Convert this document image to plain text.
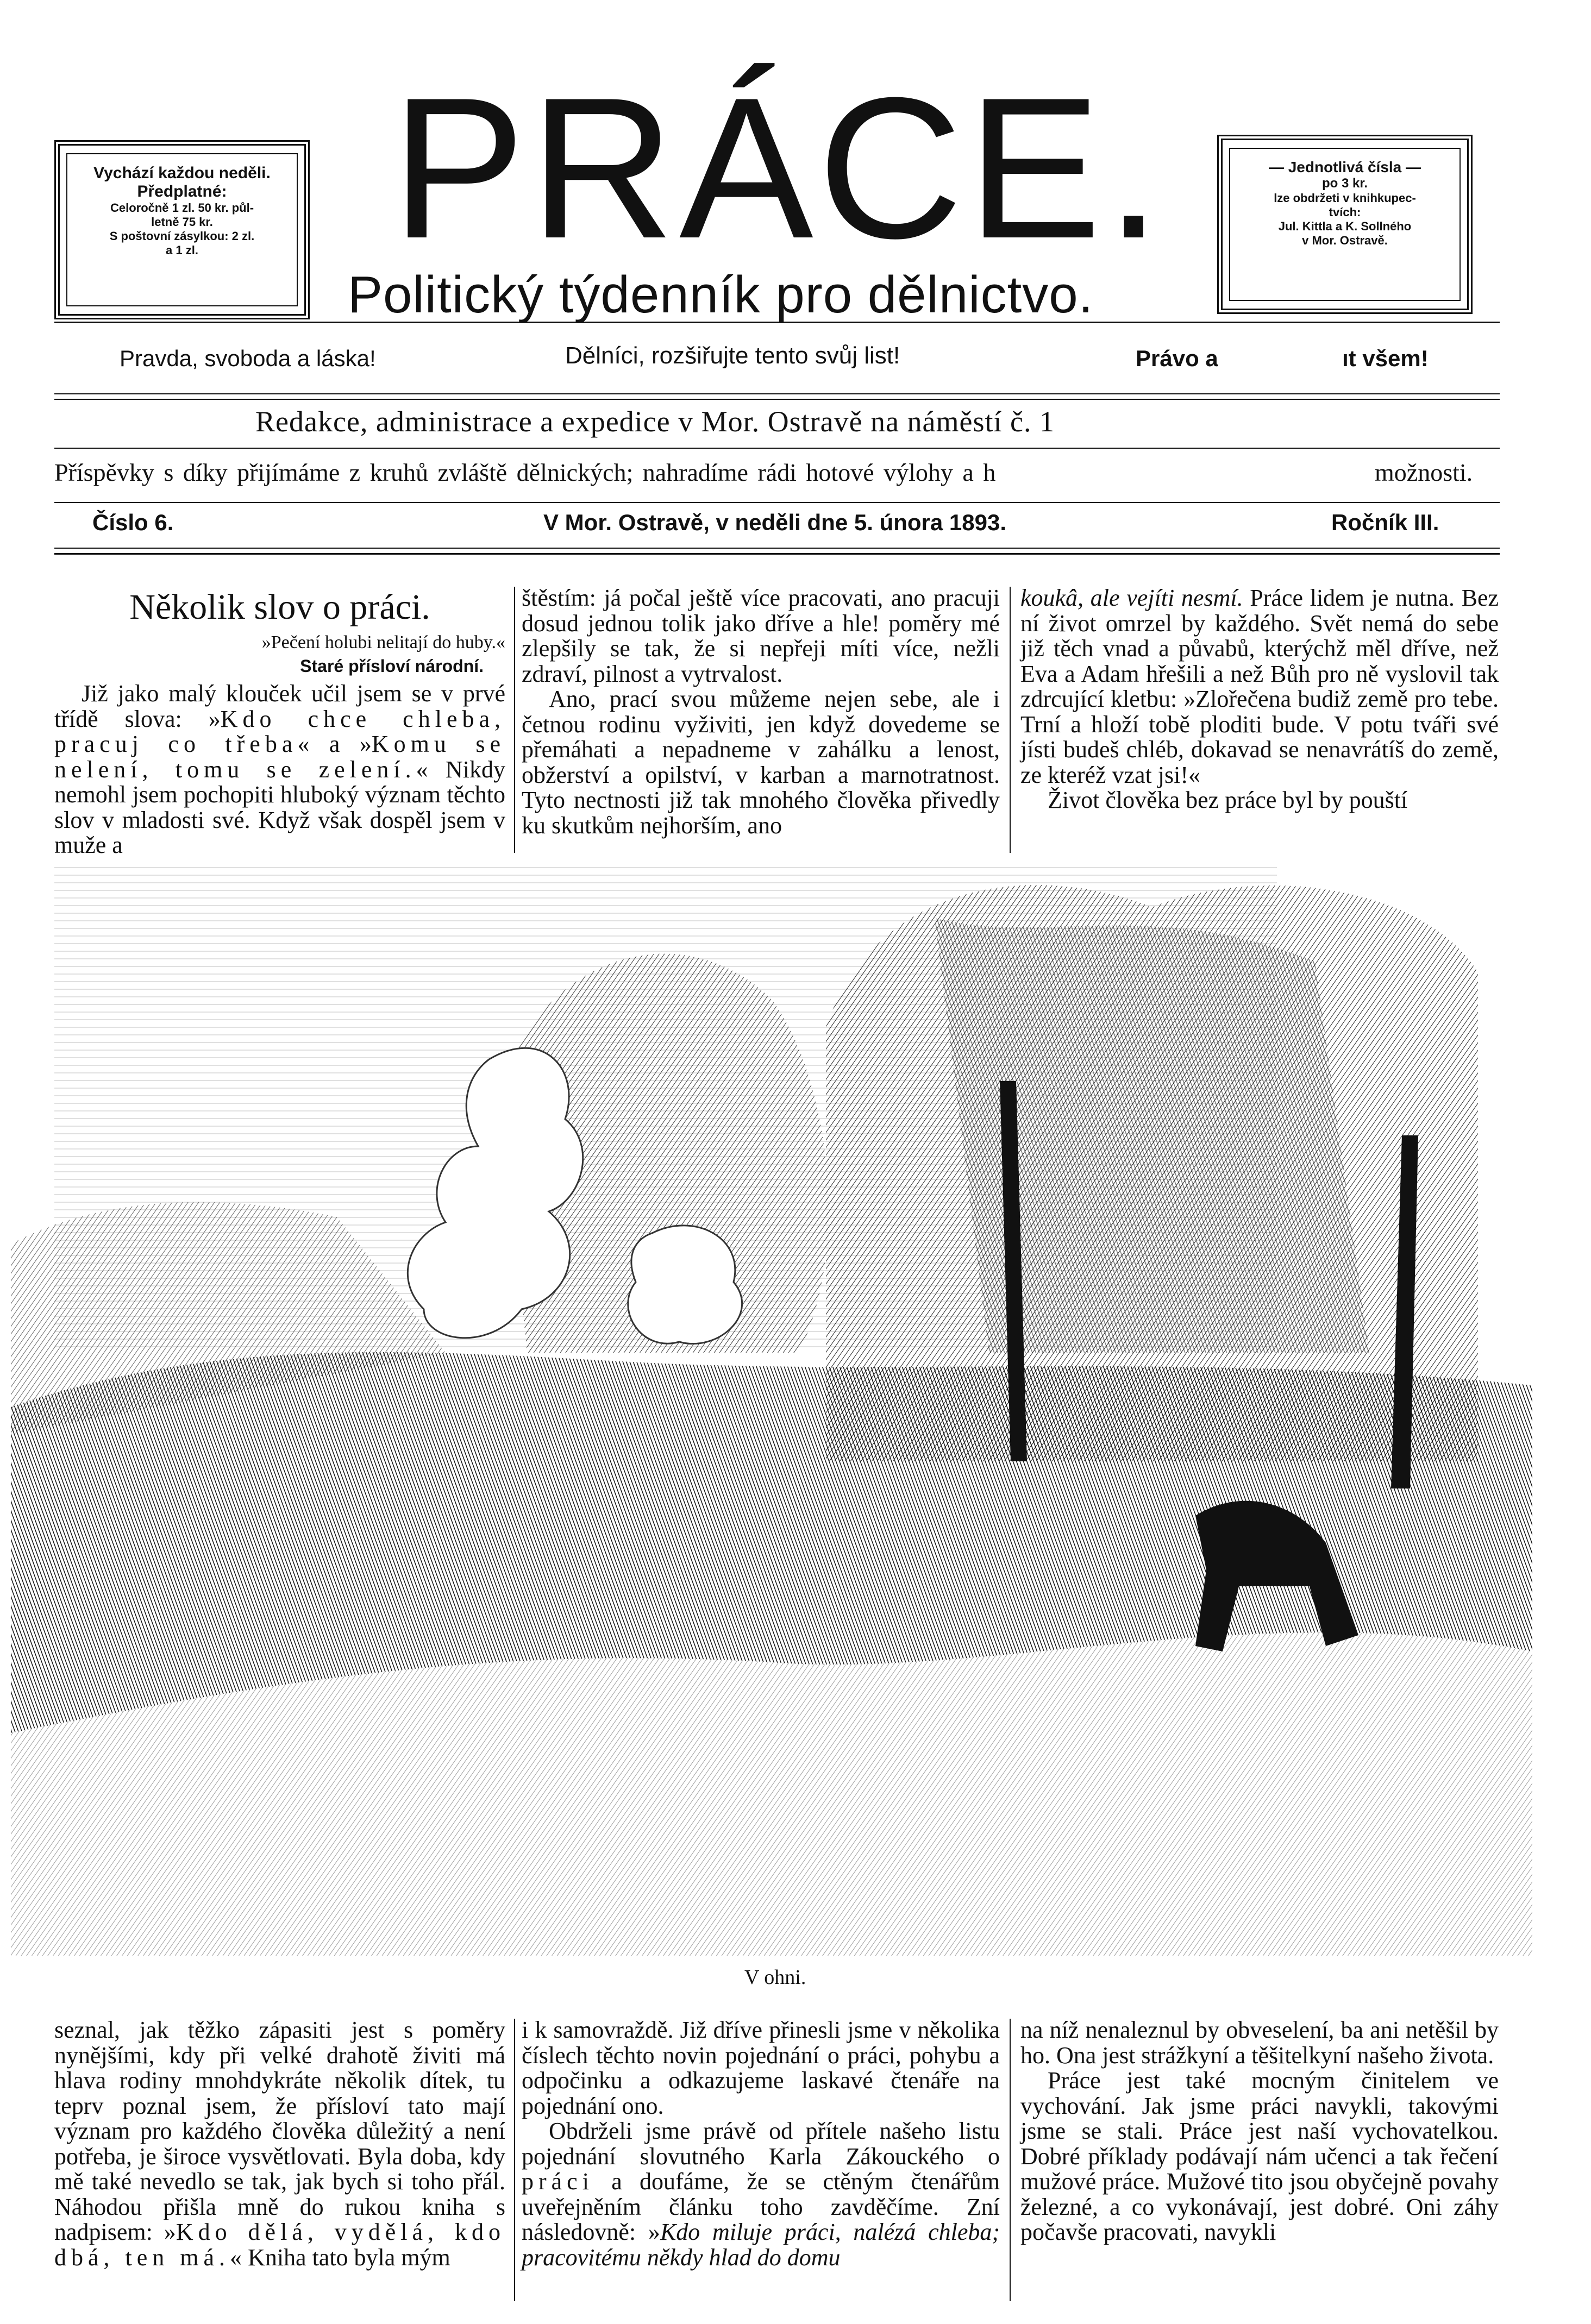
Vychází každou neděli.
Předplatné:
Celoročně 1 zl. 50 kr. půl-
letně 75 kr.
S poštovní zásylkou: 2 zl.
a 1 zl. PRÁCE.
Politický týdenník pro dělnictvo.
— Jednotlivá čísla —
po 3 kr.
lze obdržeti v knihkupec-
tvích:
Jul. Kittla a K. Sollného
v Mor. Ostravě.
Pravda, svoboda a láska!	Dělníci, rozšiřujte tento svůj list!	Právo a	ıt všem!
Redakce, administrace a expedice v Mor. Ostravě na náměstí č. 1
Příspěvky s díky přijímáme z kruhů zvláště dělnických; nahradíme rádi hotové výlohy a h	možnosti.
Číslo 6.	V Mor. Ostravě, v neděli dne 5. února 1893.	Ročník III.
Několik slov o práci.
»Pečení holubi nelitají do huby.«
Staré přísloví národní.

Již jako malý klouček učil jsem se v prvé třídě slova: »Kdo chce chleba, pracuj co třeba« a »Komu se nelení, tomu se zelení.« Nikdy nemohl jsem pochopiti hluboký význam těchto slov v mladosti své. Když však dospěl jsem v muže a

štěstím: já počal ještě více pracovati, ano pracuji dosud jednou tolik jako dříve a hle! poměry mé zlepšily se tak, že si nepřeji míti více, nežli zdraví, pilnost a vytrvalost.

Ano, prací svou můžeme nejen sebe, ale i četnou rodinu vyživiti, jen když dovedeme se přemáhati a nepadneme v zahálku a lenost, obžerství a opilství, v karban a marnotratnost. Tyto nectnosti již tak mnohého člověka přivedly ku skutkům nejhorším, ano

koukâ, ale vejíti nesmí. Práce lidem je nutna. Bez ní život omrzel by každého. Svět nemá do sebe již těch vnad a půvabů, kterýchž měl dříve, než Eva a Adam hřešili a než Bůh pro ně vyslovil tak zdrcující kletbu: »Zlořečena budiž země pro tebe. Trní a hloží tobě ploditi bude. V potu tváři své jísti budeš chléb, dokavad se nenavrátíš do země, ze kteréž vzat jsi!«

Život člověka bez práce byl by pouští

V ohni.

seznal, jak těžko zápasiti jest s poměry nynějšími, kdy při velké drahotě živiti má hlava rodiny mnohdykráte několik dítek, tu teprv poznal jsem, že přísloví tato mají význam pro každého člověka důležitý a není potřeba, je široce vysvětlovati. Byla doba, kdy mě také nevedlo se tak, jak bych si toho přál. Náhodou přišla mně do rukou kniha s nadpisem: »Kdo dělá, vydělá, kdo dbá, ten má.« Kniha tato byla mým

i k samovraždě. Již dříve přinesli jsme v několika číslech těchto novin pojednání o práci, pohybu a odpočinku a odkazujeme laskavé čtenáře na pojednání ono.

Obdrželi jsme právě od přítele našeho listu pojednání slovutného Karla Zákouckého o práci a doufáme, že se ctěným čtenářům uveřejněním článku toho zavděčíme. Zní následovně: »Kdo miluje práci, nalézá chleba; pracovitému někdy hlad do domu

na níž nenaleznul by obveselení, ba ani netěšil by ho. Ona jest strážkyní a těšitelkyní našeho života.

Práce jest také mocným činitelem ve vychování. Jak jsme práci navykli, takovými jsme se stali. Práce jest naší vychovatelkou. Dobré příklady podávají nám učenci a tak řečení mužové práce. Mužové tito jsou obyčejně povahy železné, a co vykonávají, jest dobré. Oni záhy počavše pracovati, navykli
